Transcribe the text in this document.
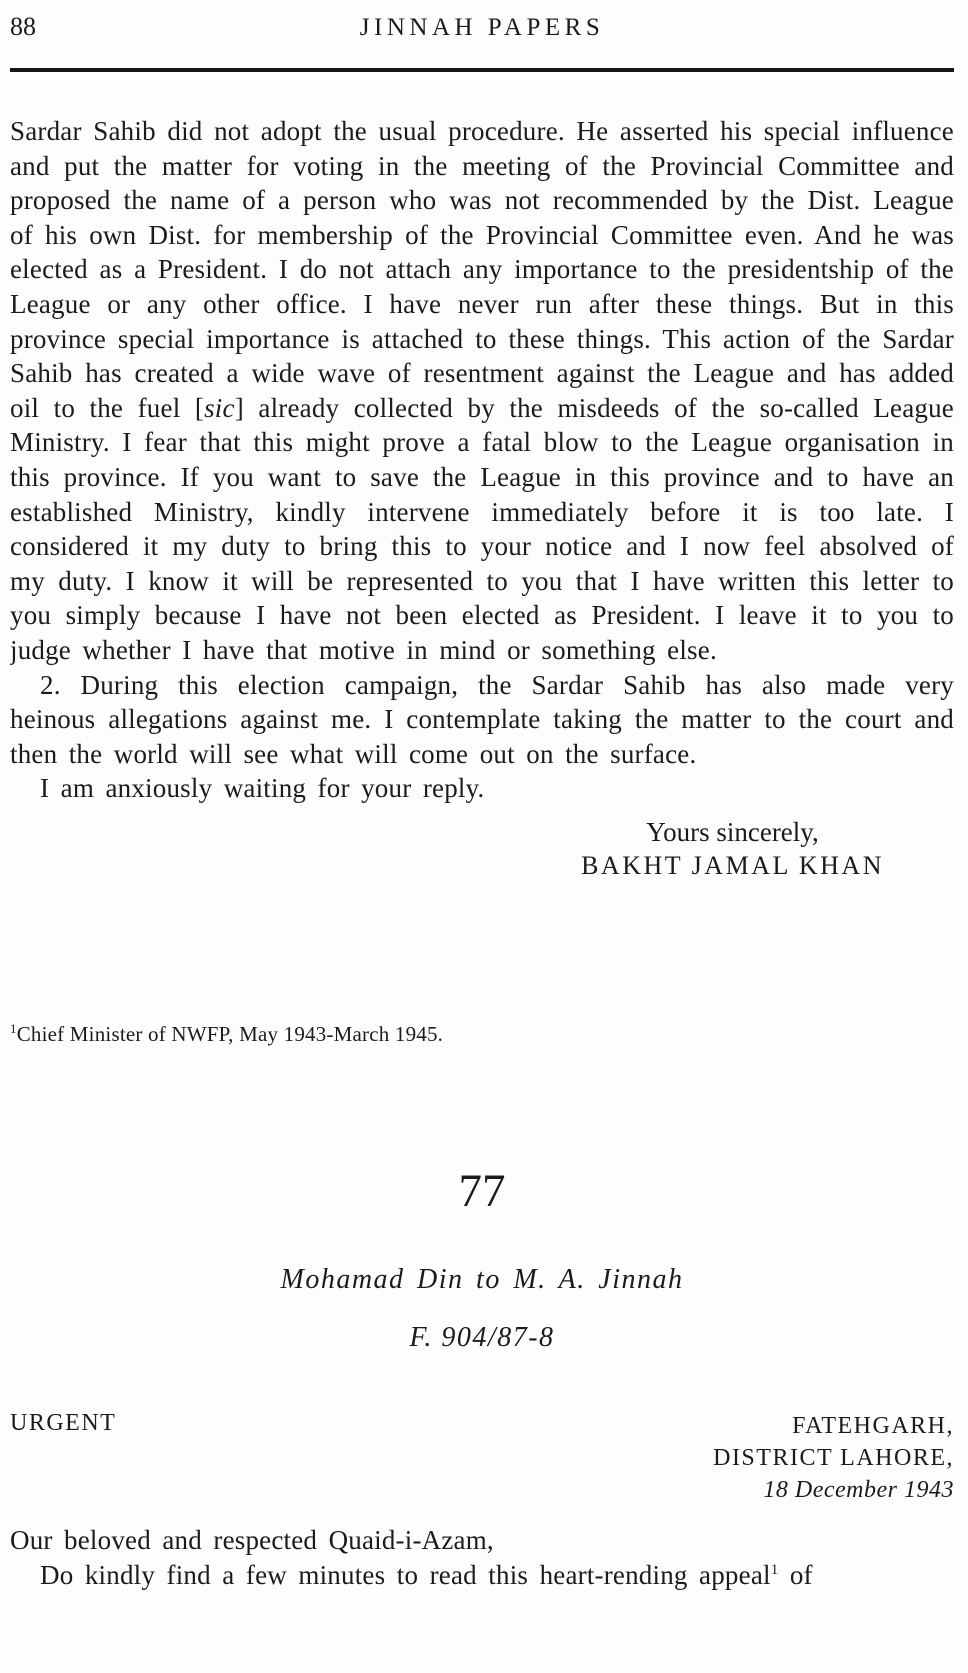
88	JINNAH PAPERS

Sardar Sahib did not adopt the usual procedure. He asserted his special influence and put the matter for voting in the meeting of the Provincial Committee and proposed the name of a person who was not recommended by the Dist. League of his own Dist. for membership of the Provincial Committee even. And he was elected as a President. I do not attach any importance to the presidentship of the League or any other office. I have never run after these things. But in this province special importance is attached to these things. This action of the Sardar Sahib has created a wide wave of resentment against the League and has added oil to the fuel [sic] already collected by the misdeeds of the so-called League Ministry. I fear that this might prove a fatal blow to the League organisation in this province. If you want to save the League in this province and to have an established Ministry, kindly intervene immediately before it is too late. I considered it my duty to bring this to your notice and I now feel absolved of my duty. I know it will be represented to you that I have written this letter to you simply because I have not been elected as President. I leave it to you to judge whether I have that motive in mind or something else.

2. During this election campaign, the Sardar Sahib has also made very heinous allegations against me. I contemplate taking the matter to the court and then the world will see what will come out on the surface.

I am anxiously waiting for your reply.

Yours sincerely,
BAKHT JAMAL KHAN
$^1$Chief Minister of NWFP, May 1943-March 1945.
77
Mohamad Din to M. A. Jinnah
F. 904/87-8
URGENT	FATEHGARH,
DISTRICT LAHORE,
18 December 1943

Our beloved and respected Quaid-i-Azam,

Do kindly find a few minutes to read this heart-rending appeal$^1$ of
